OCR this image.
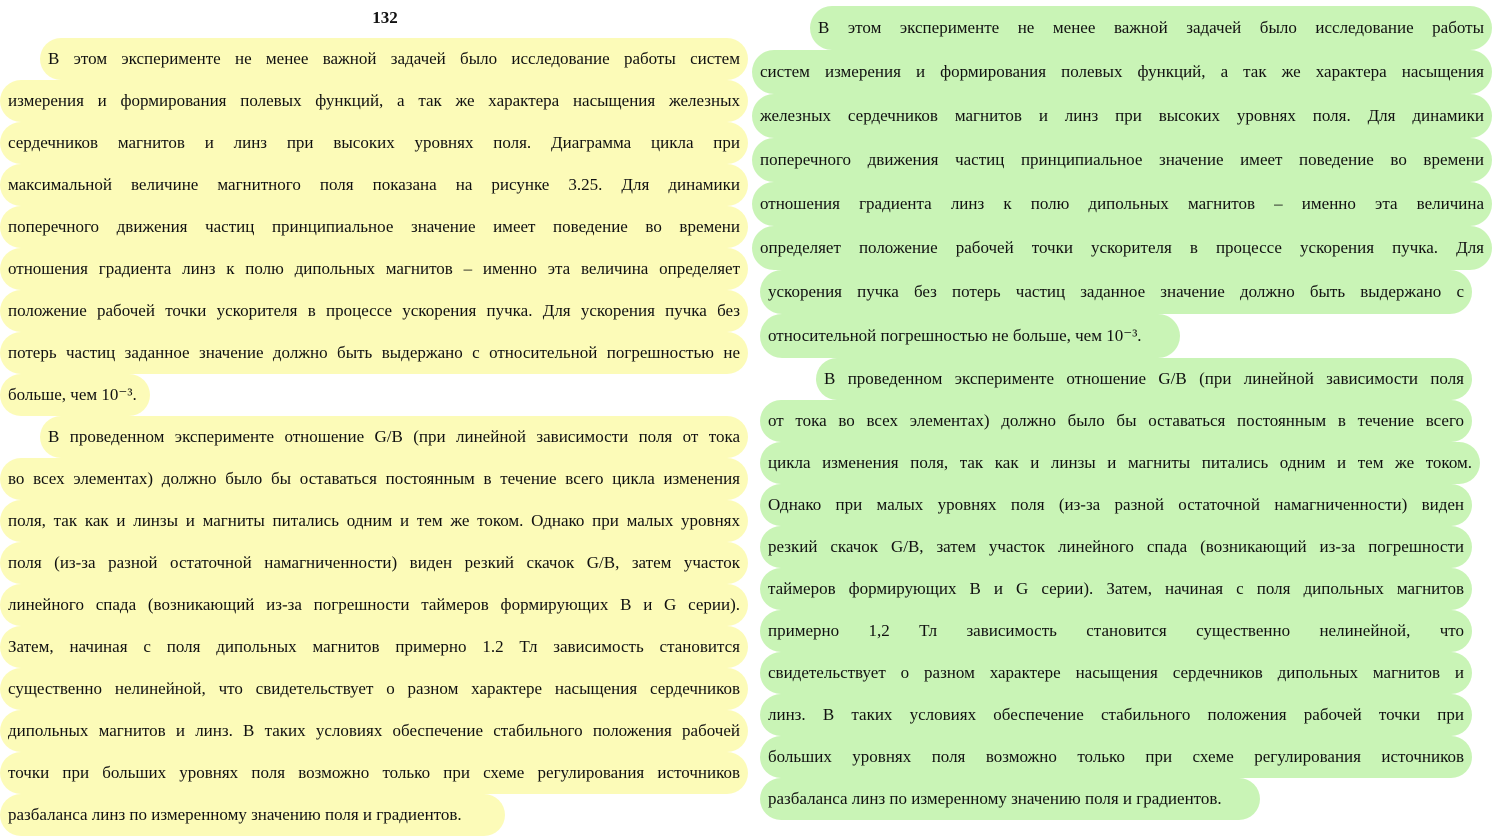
132
В этом эксперименте не менее важной задачей было исследование работы систем
измерения и формирования полевых функций, а так же характера насыщения железных
сердечников магнитов и линз при высоких уровнях поля. Диаграмма цикла при
максимальной величине магнитного поля показана на рисунке 3.25. Для динамики
поперечного движения частиц принципиальное значение имеет поведение во времени
отношения градиента линз к полю дипольных магнитов – именно эта величина определяет
положение рабочей точки ускорителя в процессе ускорения пучка. Для ускорения пучка без
потерь частиц заданное значение должно быть выдержано с относительной погрешностью не
больше, чем 10⁻³.
В проведенном эксперименте отношение G/B (при линейной зависимости поля от тока
во всех элементах) должно было бы оставаться постоянным в течение всего цикла изменения
поля, так как и линзы и магниты питались одним и тем же током. Однако при малых уровнях
поля (из-за разной остаточной намагниченности) виден резкий скачок G/B, затем участок
линейного спада (возникающий из-за погрешности таймеров формирующих B и G серии).
Затем, начиная с поля дипольных магнитов примерно 1.2 Тл зависимость становится
существенно нелинейной, что свидетельствует о разном характере насыщения сердечников
дипольных магнитов и линз. В таких условиях обеспечение стабильного положения рабочей
точки при больших уровнях поля возможно только при схеме регулирования источников
разбаланса линз по измеренному значению поля и градиентов.
В этом эксперименте не менее важной задачей было исследование работы
систем измерения и формирования полевых функций, а так же характера насыщения
железных сердечников магнитов и линз при высоких уровнях поля. Для динамики
поперечного движения частиц принципиальное значение имеет поведение во времени
отношения градиента линз к полю дипольных магнитов – именно эта величина
определяет положение рабочей точки ускорителя в процессе ускорения пучка. Для
ускорения пучка без потерь частиц заданное значение должно быть выдержано с
относительной погрешностью не больше, чем 10⁻³.
В проведенном эксперименте отношение G/B (при линейной зависимости поля
от тока во всех элементах) должно было бы оставаться постоянным в течение всего
цикла изменения поля, так как и линзы и магниты питались одним и тем же током.
Однако при малых уровнях поля (из-за разной остаточной намагниченности) виден
резкий скачок G/B, затем участок линейного спада (возникающий из-за погрешности
таймеров формирующих B и G серии). Затем, начиная с поля дипольных магнитов
примерно 1,2 Тл зависимость становится существенно нелинейной, что
свидетельствует о разном характере насыщения сердечников дипольных магнитов и
линз. В таких условиях обеспечение стабильного положения рабочей точки при
больших уровнях поля возможно только при схеме регулирования источников
разбаланса линз по измеренному значению поля и градиентов.
